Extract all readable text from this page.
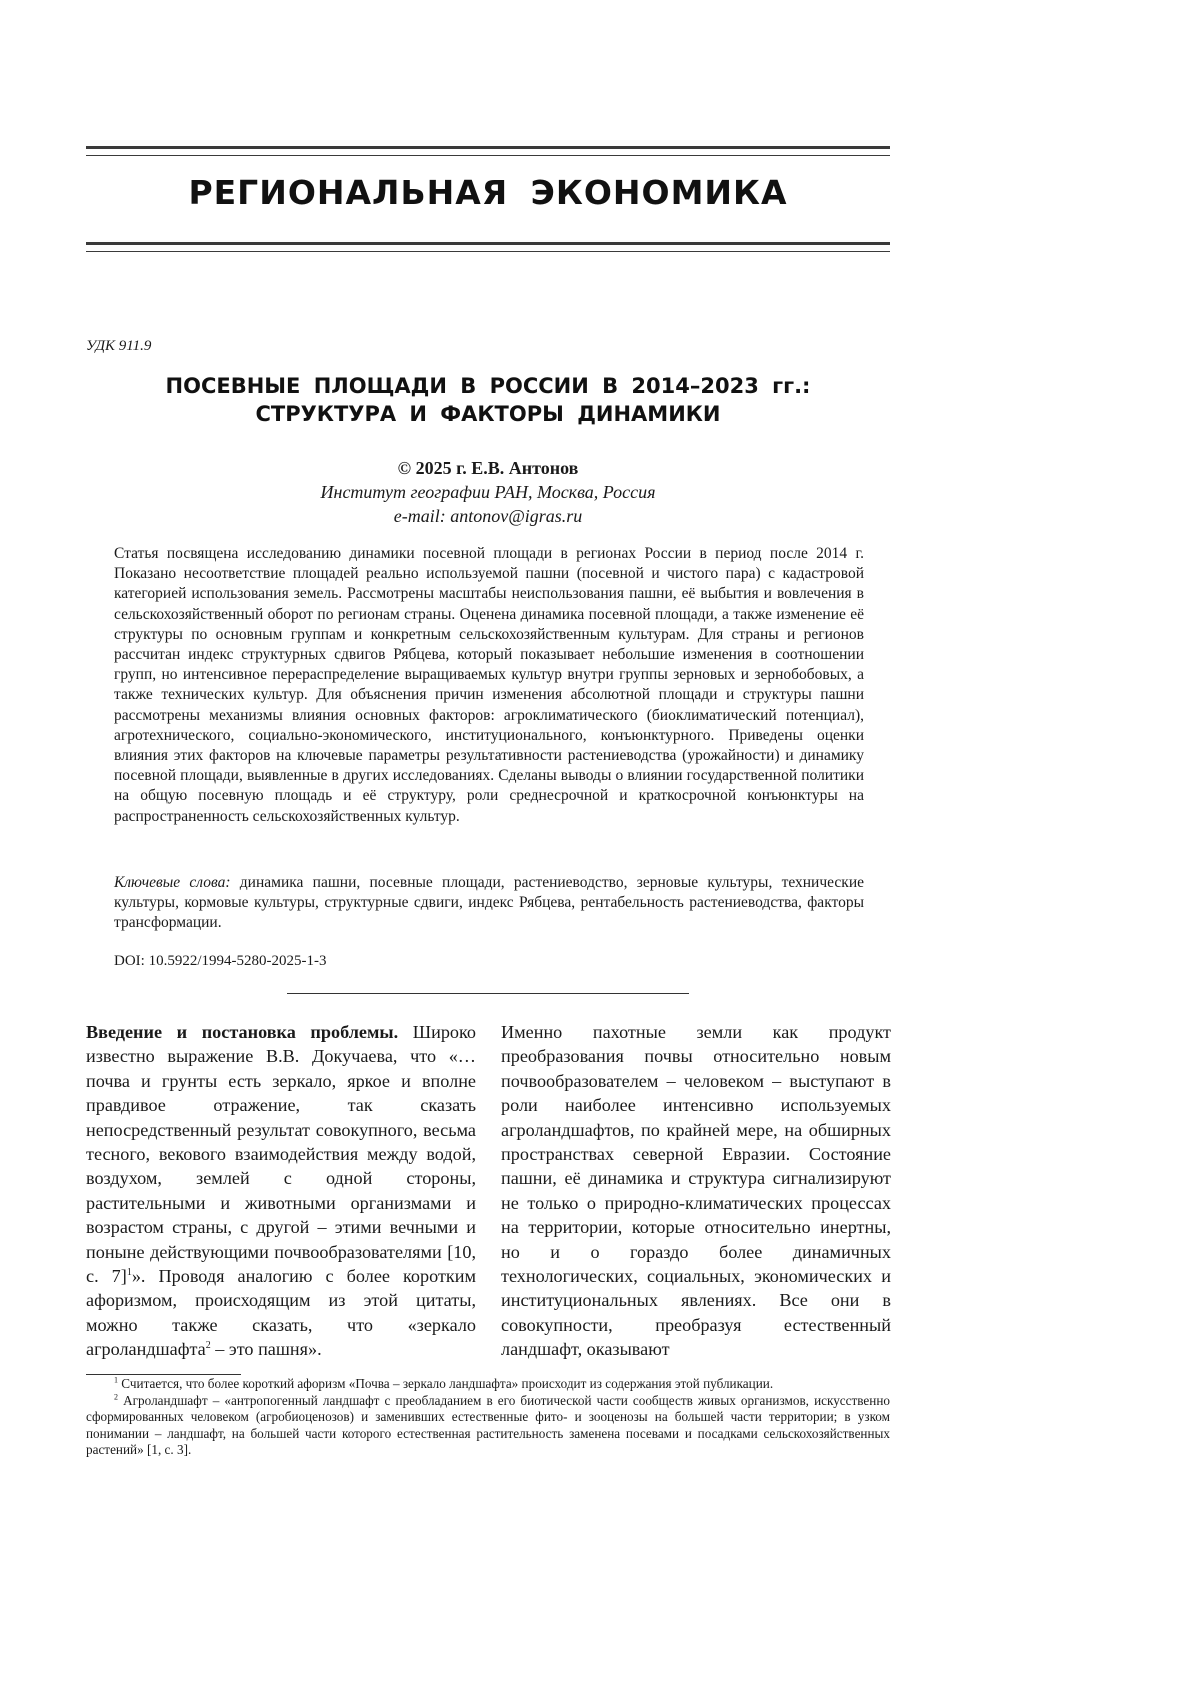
РЕГИОНАЛЬНАЯ ЭКОНОМИКА
УДК 911.9
ПОСЕВНЫЕ ПЛОЩАДИ В РОССИИ В 2014–2023 гг.:
СТРУКТУРА И ФАКТОРЫ ДИНАМИКИ
© 2025 г. Е.В. Антонов
Институт географии РАН, Москва, Россия
e-mail: antonov@igras.ru
Статья посвящена исследованию динамики посевной площади в регионах России в период после 2014 г. Показано несоответствие площадей реально используемой пашни (посевной и чистого пара) с кадастровой категорией использования земель. Рассмотрены масштабы неиспользования пашни, её выбытия и вовлечения в сельскохозяйственный оборот по регионам страны. Оценена динамика посевной площади, а также изменение её структуры по основным группам и конкретным сельскохозяйственным культурам. Для страны и регионов рассчитан индекс структурных сдвигов Рябцева, который показывает небольшие изменения в соотношении групп, но интенсивное перераспределение выращиваемых культур внутри группы зерновых и зернобобовых, а также технических культур. Для объяснения причин изменения абсолютной площади и структуры пашни рассмотрены механизмы влияния основных факторов: агроклиматического (биоклиматический потенциал), агротехнического, социально-экономического, институционального, конъюнктурного. Приведены оценки влияния этих факторов на ключевые параметры результативности растениеводства (урожайности) и динамику посевной площади, выявленные в других исследованиях. Сделаны выводы о влиянии государственной политики на общую посевную площадь и её структуру, роли среднесрочной и краткосрочной конъюнктуры на распространенность сельскохозяйственных культур.
Ключевые слова: динамика пашни, посевные площади, растениеводство, зерновые культуры, технические культуры, кормовые культуры, структурные сдвиги, индекс Рябцева, рентабельность растениеводства, факторы трансформации.
DOI: 10.5922/1994-5280-2025-1-3
Введение и постановка проблемы. Широко известно выражение В.В. Докучаева, что «… почва и грунты есть зеркало, яркое и вполне правдивое отражение, так сказать непосредственный результат совокупного, весьма тесного, векового взаимодействия между водой, воздухом, землей с одной стороны, растительными и животными организмами и возрастом страны, с другой – этими вечными и поныне действующими почвообразователями [10, с. 7]$^1$». Проводя аналогию с более коротким афоризмом, происходящим из этой цитаты, можно также сказать, что «зеркало агроландшафта$^2$ – это пашня».
Именно пахотные земли как продукт преобразования почвы относительно новым почвообразователем – человеком – выступают в роли наиболее интенсивно используемых агроландшафтов, по крайней мере, на обширных пространствах северной Евразии. Состояние пашни, её динамика и структура сигнализируют не только о природно-климатических процессах на территории, которые относительно инертны, но и о гораздо более динамичных технологических, социальных, экономических и институциональных явлениях. Все они в совокупности, преобразуя естественный ландшафт, оказывают
$^1$ Считается, что более короткий афоризм «Почва – зеркало ландшафта» происходит из содержания этой публикации.
$^2$ Агроландшафт – «антропогенный ландшафт с преобладанием в его биотической части сообществ живых организмов, искусственно сформированных человеком (агробиоценозов) и заменивших естественные фито- и зооценозы на большей части территории; в узком понимании – ландшафт, на большей части которого естественная растительность заменена посевами и посадками сельскохозяйственных растений» [1, с. 3].
